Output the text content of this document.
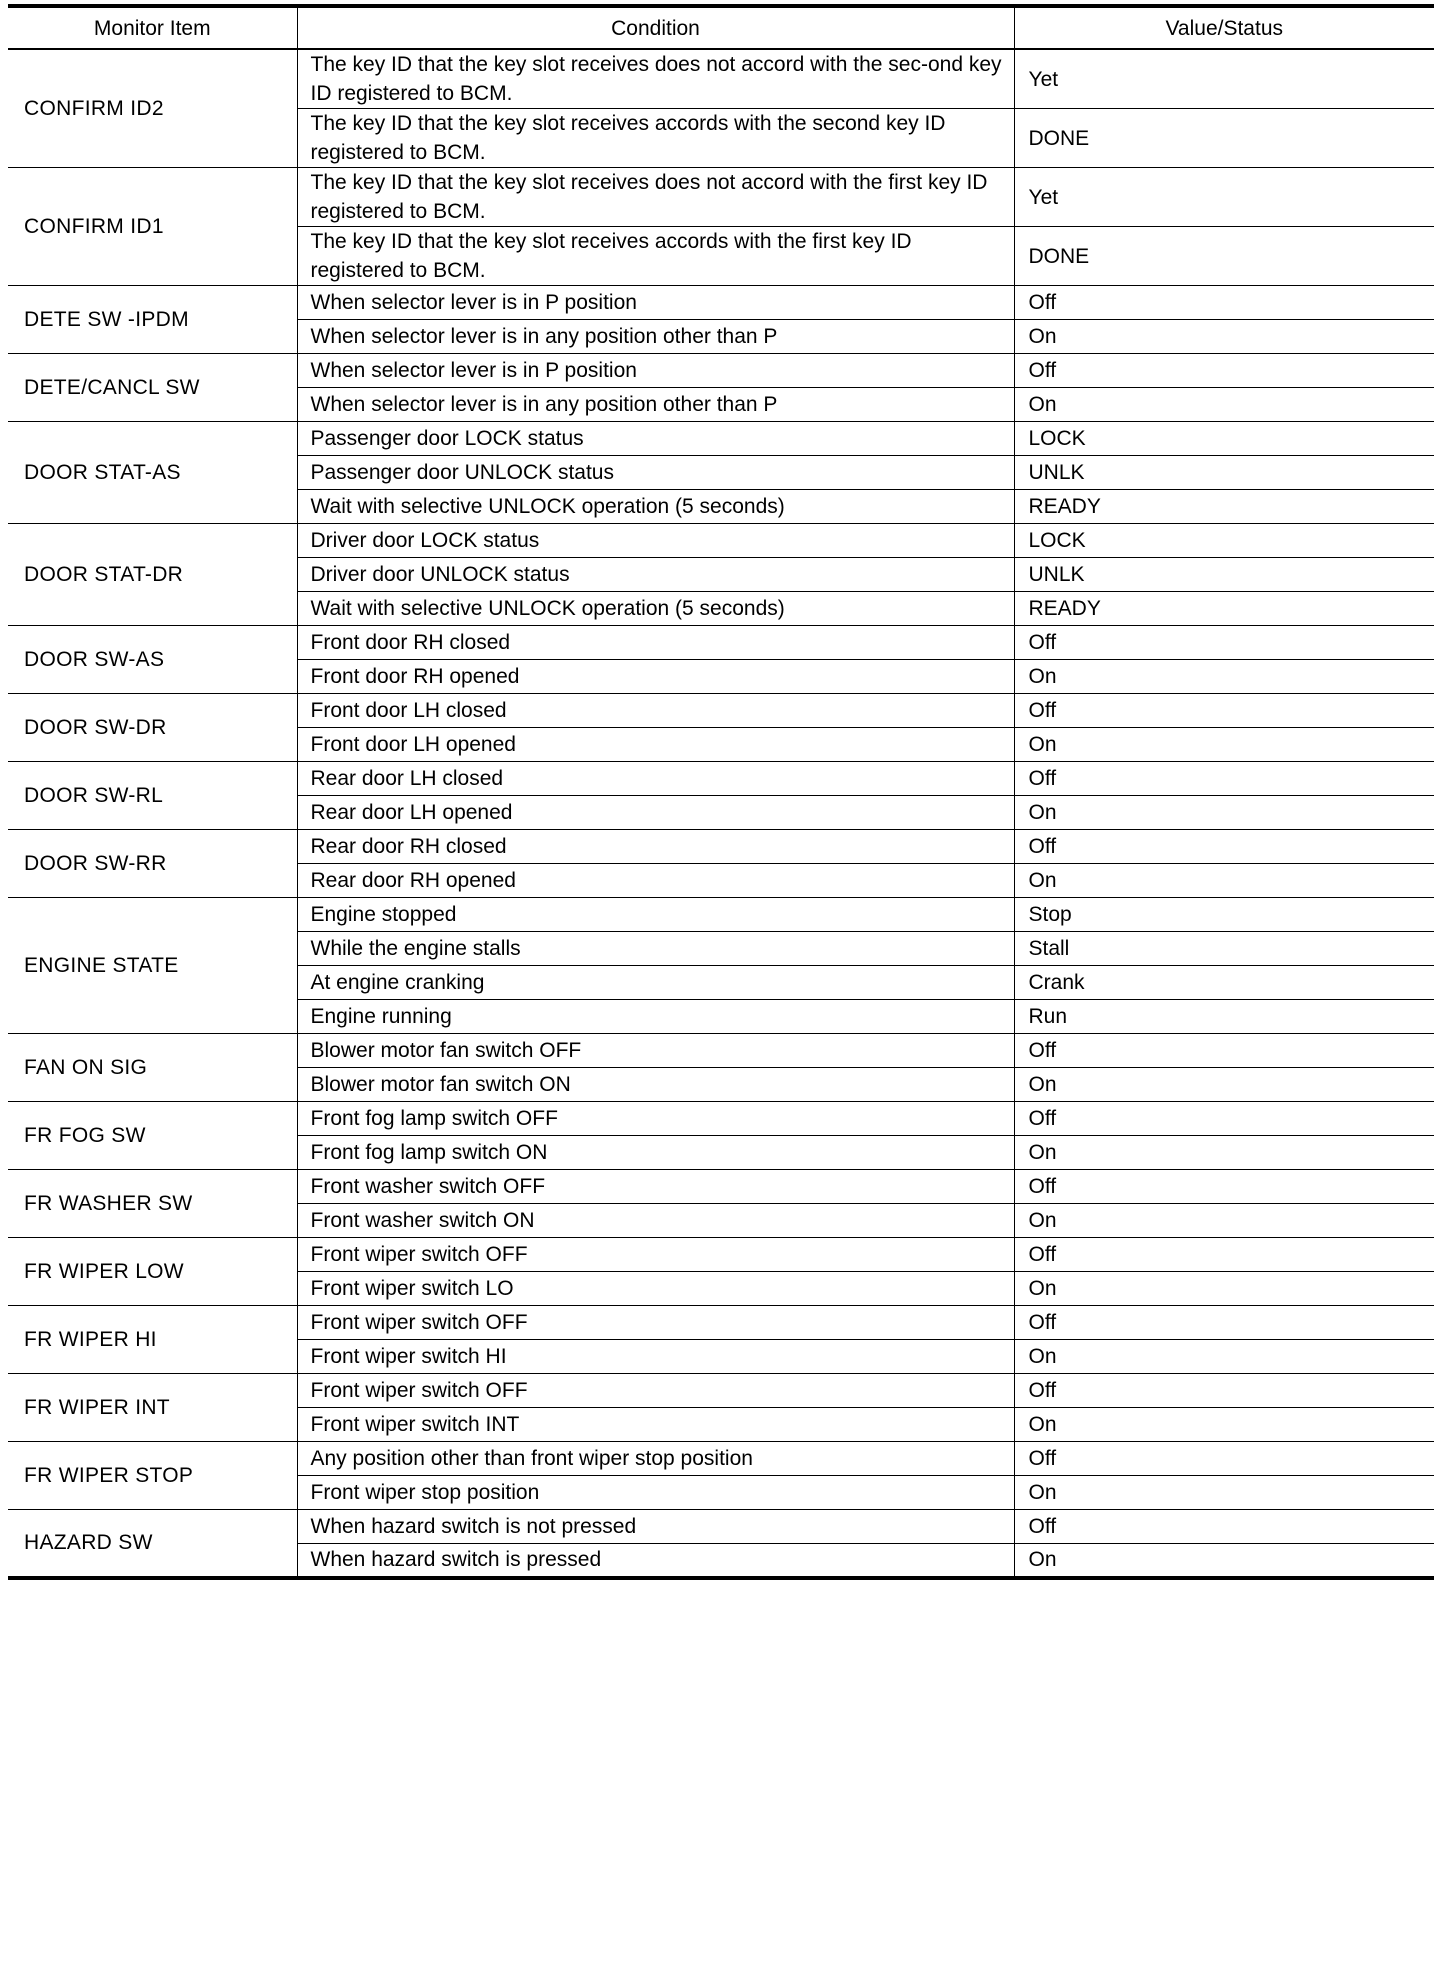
Monitor Item	Condition	Value/Status
CONFIRM ID2	The key ID that the key slot receives does not accord with the sec-ond key ID registered to BCM.	Yet
	The key ID that the key slot receives accords with the second key ID registered to BCM.	DONE
CONFIRM ID1	The key ID that the key slot receives does not accord with the first key ID registered to BCM.	Yet
	The key ID that the key slot receives accords with the first key ID registered to BCM.	DONE
DETE SW -IPDM	When selector lever is in P position	Off
	When selector lever is in any position other than P	On
DETE/CANCL SW	When selector lever is in P position	Off
	When selector lever is in any position other than P	On
DOOR STAT-AS	Passenger door LOCK status	LOCK
	Passenger door UNLOCK status	UNLK
	Wait with selective UNLOCK operation (5 seconds)	READY
DOOR STAT-DR	Driver door LOCK status	LOCK
	Driver door UNLOCK status	UNLK
	Wait with selective UNLOCK operation (5 seconds)	READY
DOOR SW-AS	Front door RH closed	Off
	Front door RH opened	On
DOOR SW-DR	Front door LH closed	Off
	Front door LH opened	On
DOOR SW-RL	Rear door LH closed	Off
	Rear door LH opened	On
DOOR SW-RR	Rear door RH closed	Off
	Rear door RH opened	On
ENGINE STATE	Engine stopped	Stop
	While the engine stalls	Stall
	At engine cranking	Crank
	Engine running	Run
FAN ON SIG	Blower motor fan switch OFF	Off
	Blower motor fan switch ON	On
FR FOG SW	Front fog lamp switch OFF	Off
	Front fog lamp switch ON	On
FR WASHER SW	Front washer switch OFF	Off
	Front washer switch ON	On
FR WIPER LOW	Front wiper switch OFF	Off
	Front wiper switch LO	On
FR WIPER HI	Front wiper switch OFF	Off
	Front wiper switch HI	On
FR WIPER INT	Front wiper switch OFF	Off
	Front wiper switch INT	On
FR WIPER STOP	Any position other than front wiper stop position	Off
	Front wiper stop position	On
HAZARD SW	When hazard switch is not pressed	Off
	When hazard switch is pressed	On
